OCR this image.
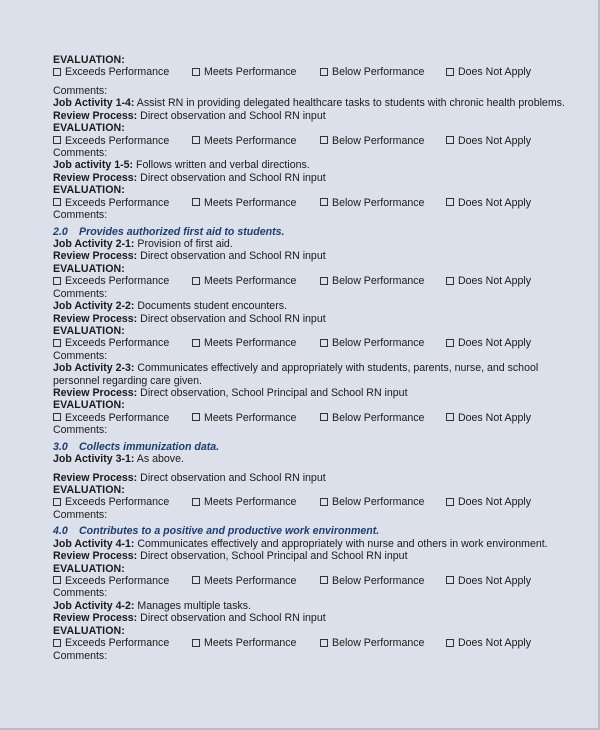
EVALUATION:
Exceeds Performance	Meets Performance	Below Performance	Does Not Apply
Comments:
Job Activity 1-4: Assist RN in providing delegated healthcare tasks to students with chronic health problems.
Review Process: Direct observation and School RN input
EVALUATION:
Exceeds Performance	Meets Performance	Below Performance	Does Not Apply
Comments:
Job activity 1-5: Follows written and verbal directions.
Review Process: Direct observation and School RN input
EVALUATION:
Exceeds Performance	Meets Performance	Below Performance	Does Not Apply
Comments:
2.0 Provides authorized first aid to students.
Job Activity 2-1: Provision of first aid.
Review Process: Direct observation and School RN input
EVALUATION:
Exceeds Performance	Meets Performance	Below Performance	Does Not Apply
Comments:
Job Activity 2-2: Documents student encounters.
Review Process: Direct observation and School RN input
EVALUATION:
Exceeds Performance	Meets Performance	Below Performance	Does Not Apply
Comments:
Job Activity 2-3: Communicates effectively and appropriately with students, parents, nurse, and school
personnel regarding care given.
Review Process: Direct observation, School Principal and School RN input
EVALUATION:
Exceeds Performance	Meets Performance	Below Performance	Does Not Apply
Comments:
3.0 Collects immunization data.
Job Activity 3-1: As above.
Review Process: Direct observation and School RN input
EVALUATION:
Exceeds Performance	Meets Performance	Below Performance	Does Not Apply
Comments:
4.0 Contributes to a positive and productive work environment.
Job Activity 4-1: Communicates effectively and appropriately with nurse and others in work environment.
Review Process: Direct observation, School Principal and School RN input
EVALUATION:
Exceeds Performance	Meets Performance	Below Performance	Does Not Apply
Comments:
Job Activity 4-2: Manages multiple tasks.
Review Process: Direct observation and School RN input
EVALUATION:
Exceeds Performance	Meets Performance	Below Performance	Does Not Apply
Comments:
